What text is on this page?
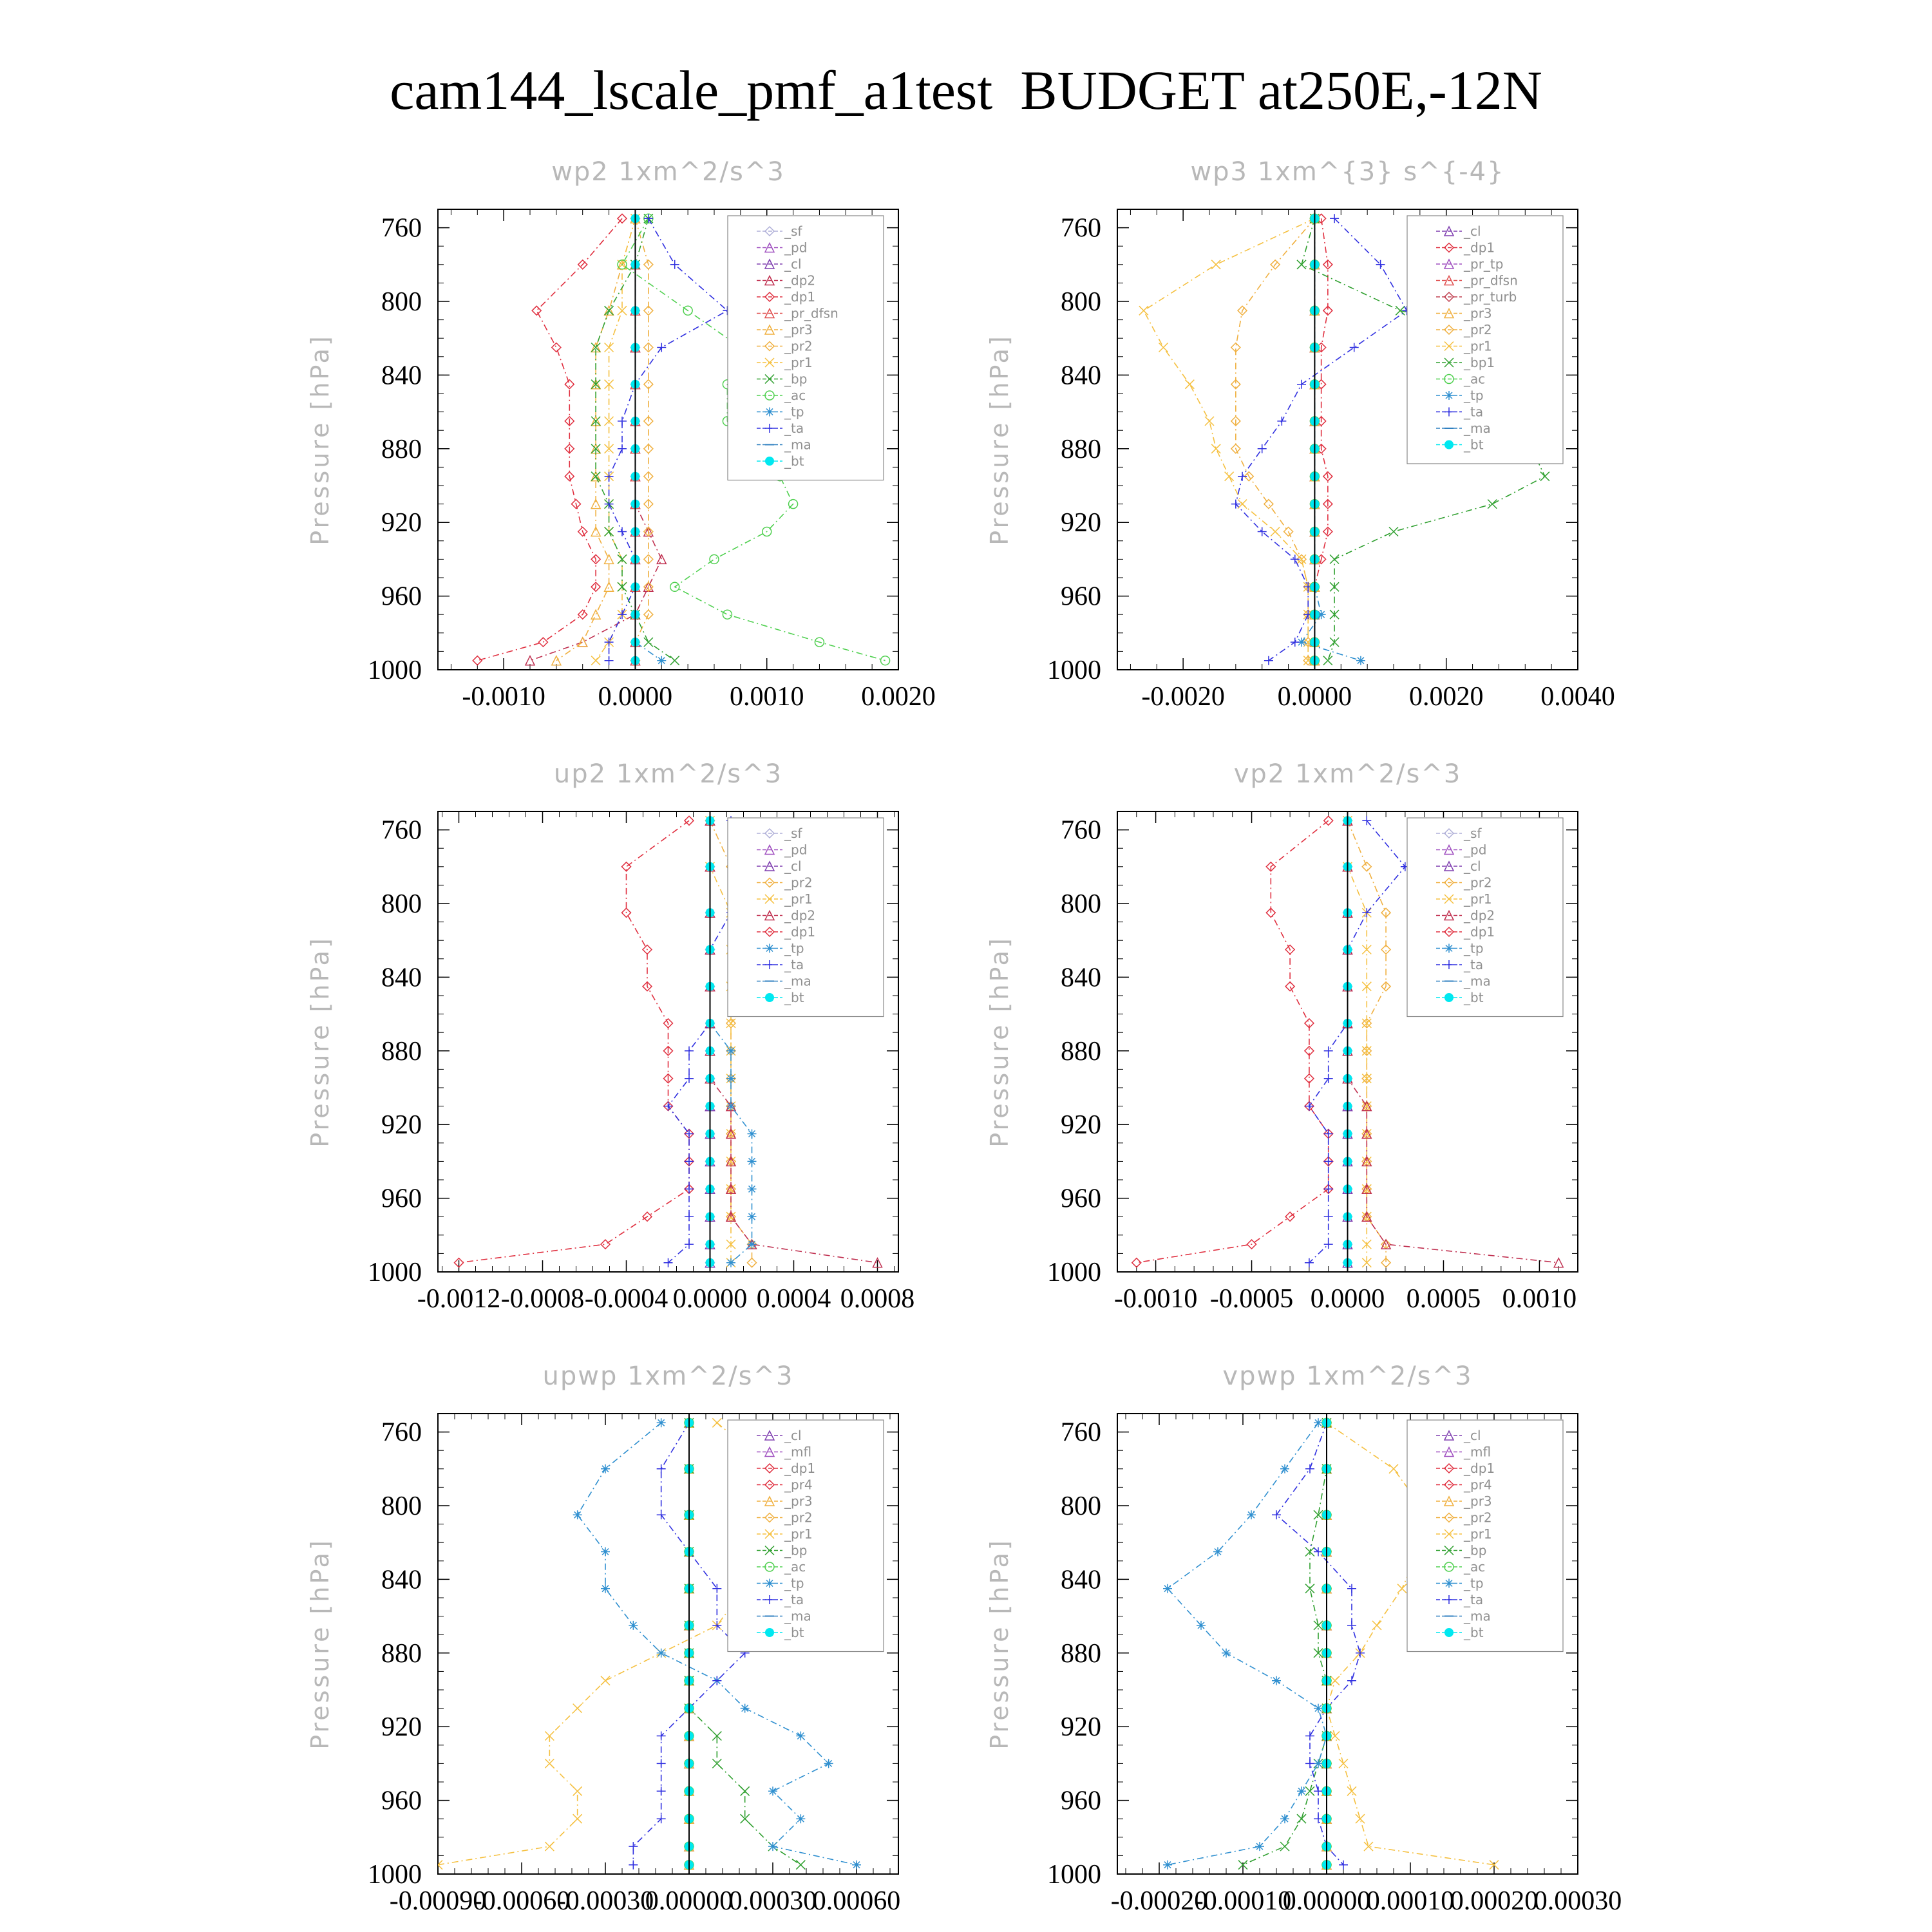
cam144_lscale_pmf_a1test  BUDGET at250E,-12N
wp2 1xm^2/s^3
Pressure [hPa]
760
800
840
880
920
960
1000
-0.0010 0.0000 0.0010 0.0020
_sf
_pd
_cl
_dp2
_dp1
_pr_dfsn
_pr3
_pr2
_pr1
_bp
_ac
_tp
_ta
_ma
_bt
wp3 1xm^{3} s^{-4}
Pressure [hPa]
760
800
840
880
920
960
1000
-0.0020 0.0000 0.0020 0.0040
_cl
_dp1
_pr_tp
_pr_dfsn
_pr_turb
_pr3
_pr2
_pr1
_bp1
_ac
_tp
_ta
_ma
_bt
up2 1xm^2/s^3
Pressure [hPa]
760
800
840
880
920
960
1000
-0.0012 -0.0008 -0.0004 0.0000 0.0004 0.0008
_sf
_pd
_cl
_pr2
_pr1
_dp2
_dp1
_tp
_ta
_ma
_bt
vp2 1xm^2/s^3
Pressure [hPa]
760
800
840
880
920
960
1000
-0.0010 -0.0005 0.0000 0.0005 0.0010
_sf
_pd
_cl
_pr2
_pr1
_dp2
_dp1
_tp
_ta
_ma
_bt
upwp 1xm^2/s^3
Pressure [hPa]
760
800
840
880
920
960
1000
-0.00090
-0.00060
-0.00030
0.00000
0.00030
0.00060
_cl
_mfl
_dp1
_pr4
_pr3
_pr2
_pr1
_bp
_ac
_tp
_ta
_ma
_bt
vpwp 1xm^2/s^3
Pressure [hPa]
760
800
840
880
920
960
1000
-0.00020
-0.00010
0.00000
0.00010
0.00020
0.00030
_cl
_mfl
_dp1
_pr4
_pr3
_pr2
_pr1
_bp
_ac
_tp
_ta
_ma
_bt
